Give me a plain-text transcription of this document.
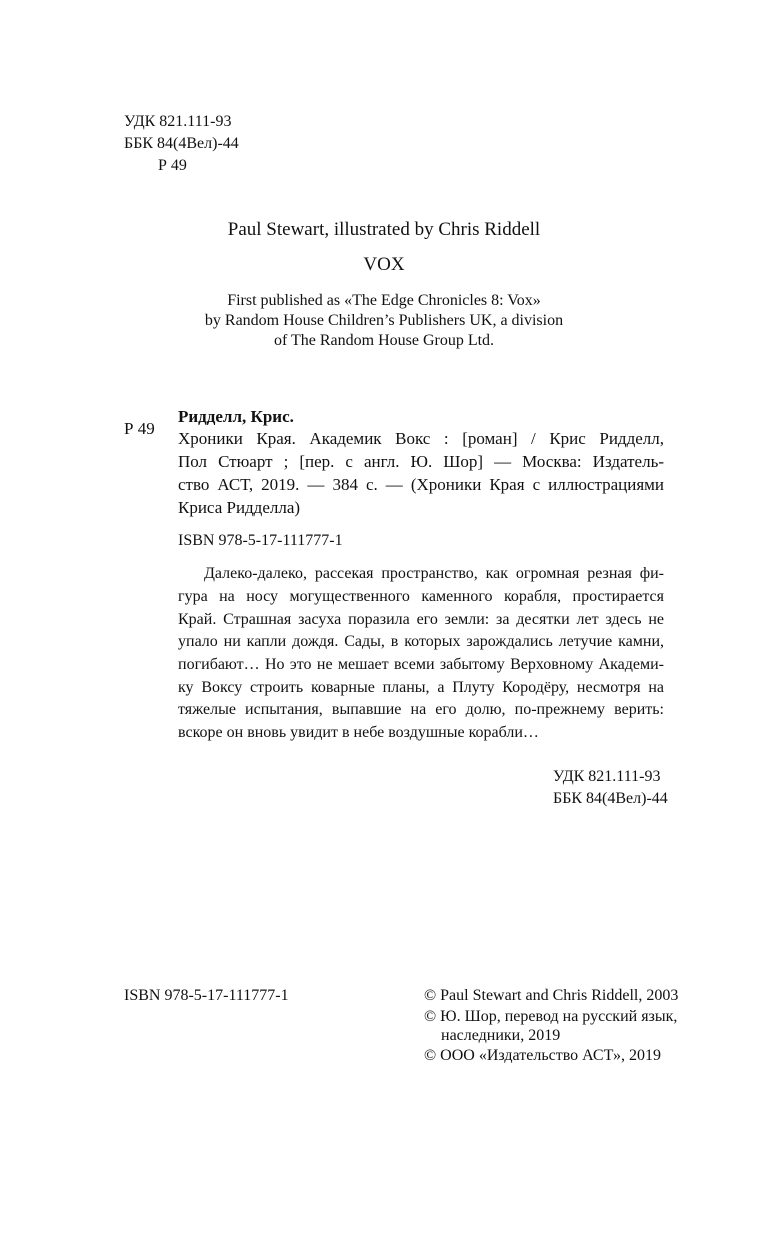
УДК 821.111-93
ББК 84(4Вел)-44
Р 49
Paul Stewart, illustrated by Chris Riddell
VOX
First published as «The Edge Chronicles 8: Vox»
by Random House Children’s Publishers UK, a division
of The Random House Group Ltd.
Р 49
Ридделл, Крис.
Хроники Края. Академик Вокс : [роман] / Крис Ридделл,
Пол Стюарт ; [пер. с англ. Ю. Шор] — Москва: Издатель-
ство АСТ, 2019. — 384 с. — (Хроники Края с иллюстрациями
Криса Ридделла)
ISBN 978-5-17-111777-1
Далеко-далеко, рассекая пространство, как огромная резная фи-
гура на носу могущественного каменного корабля, простирается
Край. Страшная засуха поразила его земли: за десятки лет здесь не
упало ни капли дождя. Сады, в которых зарождались летучие камни,
погибают… Но это не мешает всеми забытому Верховному Академи-
ку Воксу строить коварные планы, а Плуту Кородёру, несмотря на
тяжелые испытания, выпавшие на его долю, по-прежнему верить:
вскоре он вновь увидит в небе воздушные корабли…
УДК 821.111-93
ББК 84(4Вел)-44
ISBN 978-5-17-111777-1	© Paul Stewart and Chris Riddell, 2003
© Ю. Шор, перевод на русский язык,
наследники, 2019
© ООО «Издательство АСТ», 2019
